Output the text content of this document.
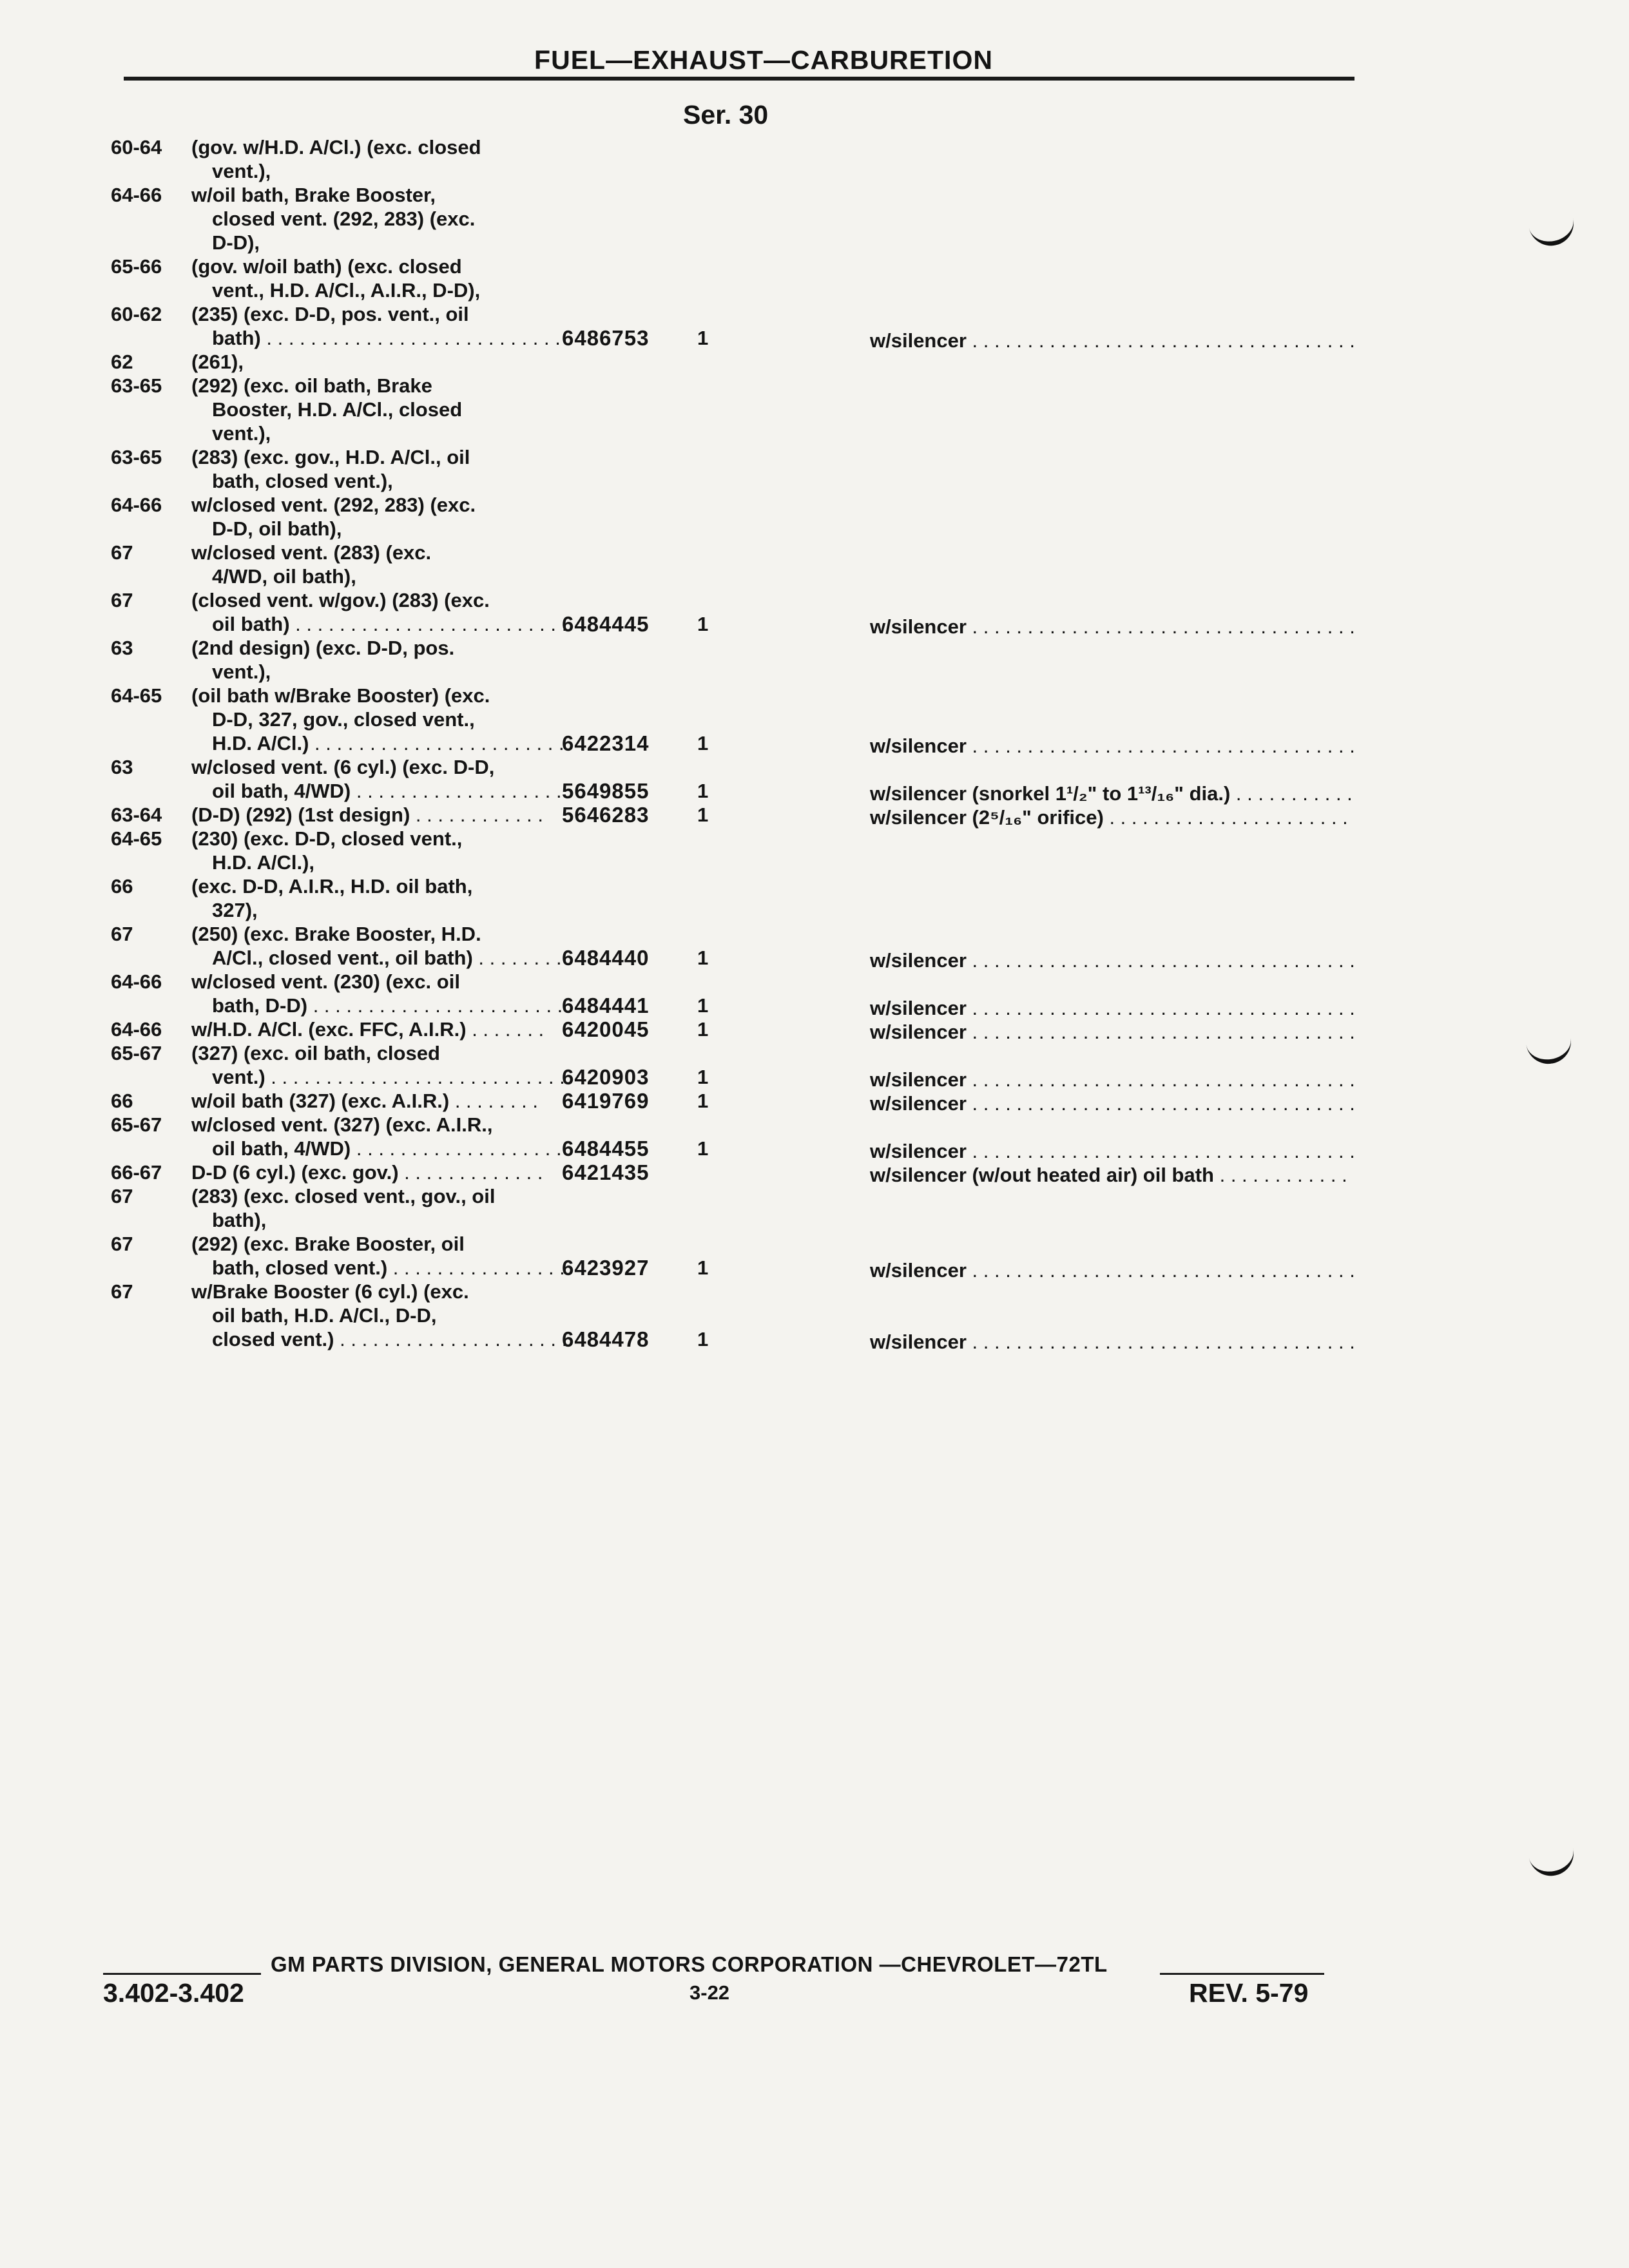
FUEL—EXHAUST—CARBURETION
Ser. 30
60-64	(gov. w/H.D. A/Cl.) (exc. closed
vent.),
64-66	w/oil bath, Brake Booster,
closed vent. (292, 283) (exc.
D-D),
65-66	(gov. w/oil bath) (exc. closed
vent., H.D. A/Cl., A.I.R., D-D),
60-62	(235) (exc. D-D, pos. vent., oil
bath) . . .	6486753	1	w/silencer . . .
62	(261),
63-65	(292) (exc. oil bath, Brake
Booster, H.D. A/Cl., closed
vent.),
63-65	(283) (exc. gov., H.D. A/Cl., oil
bath, closed vent.),
64-66	w/closed vent. (292, 283) (exc.
D-D, oil bath),
67	w/closed vent. (283) (exc.
4/WD, oil bath),
67	(closed vent. w/gov.) (283) (exc.
oil bath) . . .	6484445	1	w/silencer . . .
63	(2nd design) (exc. D-D, pos.
vent.),
64-65	(oil bath w/Brake Booster) (exc.
D-D, 327, gov., closed vent.,
H.D. A/Cl.) . . .	6422314	1	w/silencer . . .
63	w/closed vent. (6 cyl.) (exc. D-D,
oil bath, 4/WD) . . .	5649855	1	w/silencer (snorkel 1¹/₂" to 1¹³/₁₆" dia.) . . .
63-64	(D-D) (292) (1st design) . . .	5646283	1	w/silencer (2⁵/₁₆" orifice) . . .
64-65	(230) (exc. D-D, closed vent.,
H.D. A/Cl.),
66	(exc. D-D, A.I.R., H.D. oil bath,
327),
67	(250) (exc. Brake Booster, H.D.
A/Cl., closed vent., oil bath) . . .	6484440	1	w/silencer . . .
64-66	w/closed vent. (230) (exc. oil
bath, D-D) . . .	6484441	1	w/silencer . . .
64-66	w/H.D. A/Cl. (exc. FFC, A.I.R.) . . .	6420045	1	w/silencer . . .
65-67	(327) (exc. oil bath, closed
vent.) . . .	6420903	1	w/silencer . . .
66	w/oil bath (327) (exc. A.I.R.) . . .	6419769	1	w/silencer . . .
65-67	w/closed vent. (327) (exc. A.I.R.,
oil bath, 4/WD) . . .	6484455	1	w/silencer . . .
66-67	D-D (6 cyl.) (exc. gov.) . . .	6421435	w/silencer (w/out heated air) oil bath . . .
67	(283) (exc. closed vent., gov., oil
bath),
67	(292) (exc. Brake Booster, oil
bath, closed vent.) . . .	6423927	1	w/silencer . . .
67	w/Brake Booster (6 cyl.) (exc.
oil bath, H.D. A/Cl., D-D,
closed vent.) . . .	6484478	1	w/silencer . . .
GM PARTS DIVISION, GENERAL MOTORS CORPORATION —CHEVROLET—72TL
3.402-3.402	3-22	REV. 5-79
